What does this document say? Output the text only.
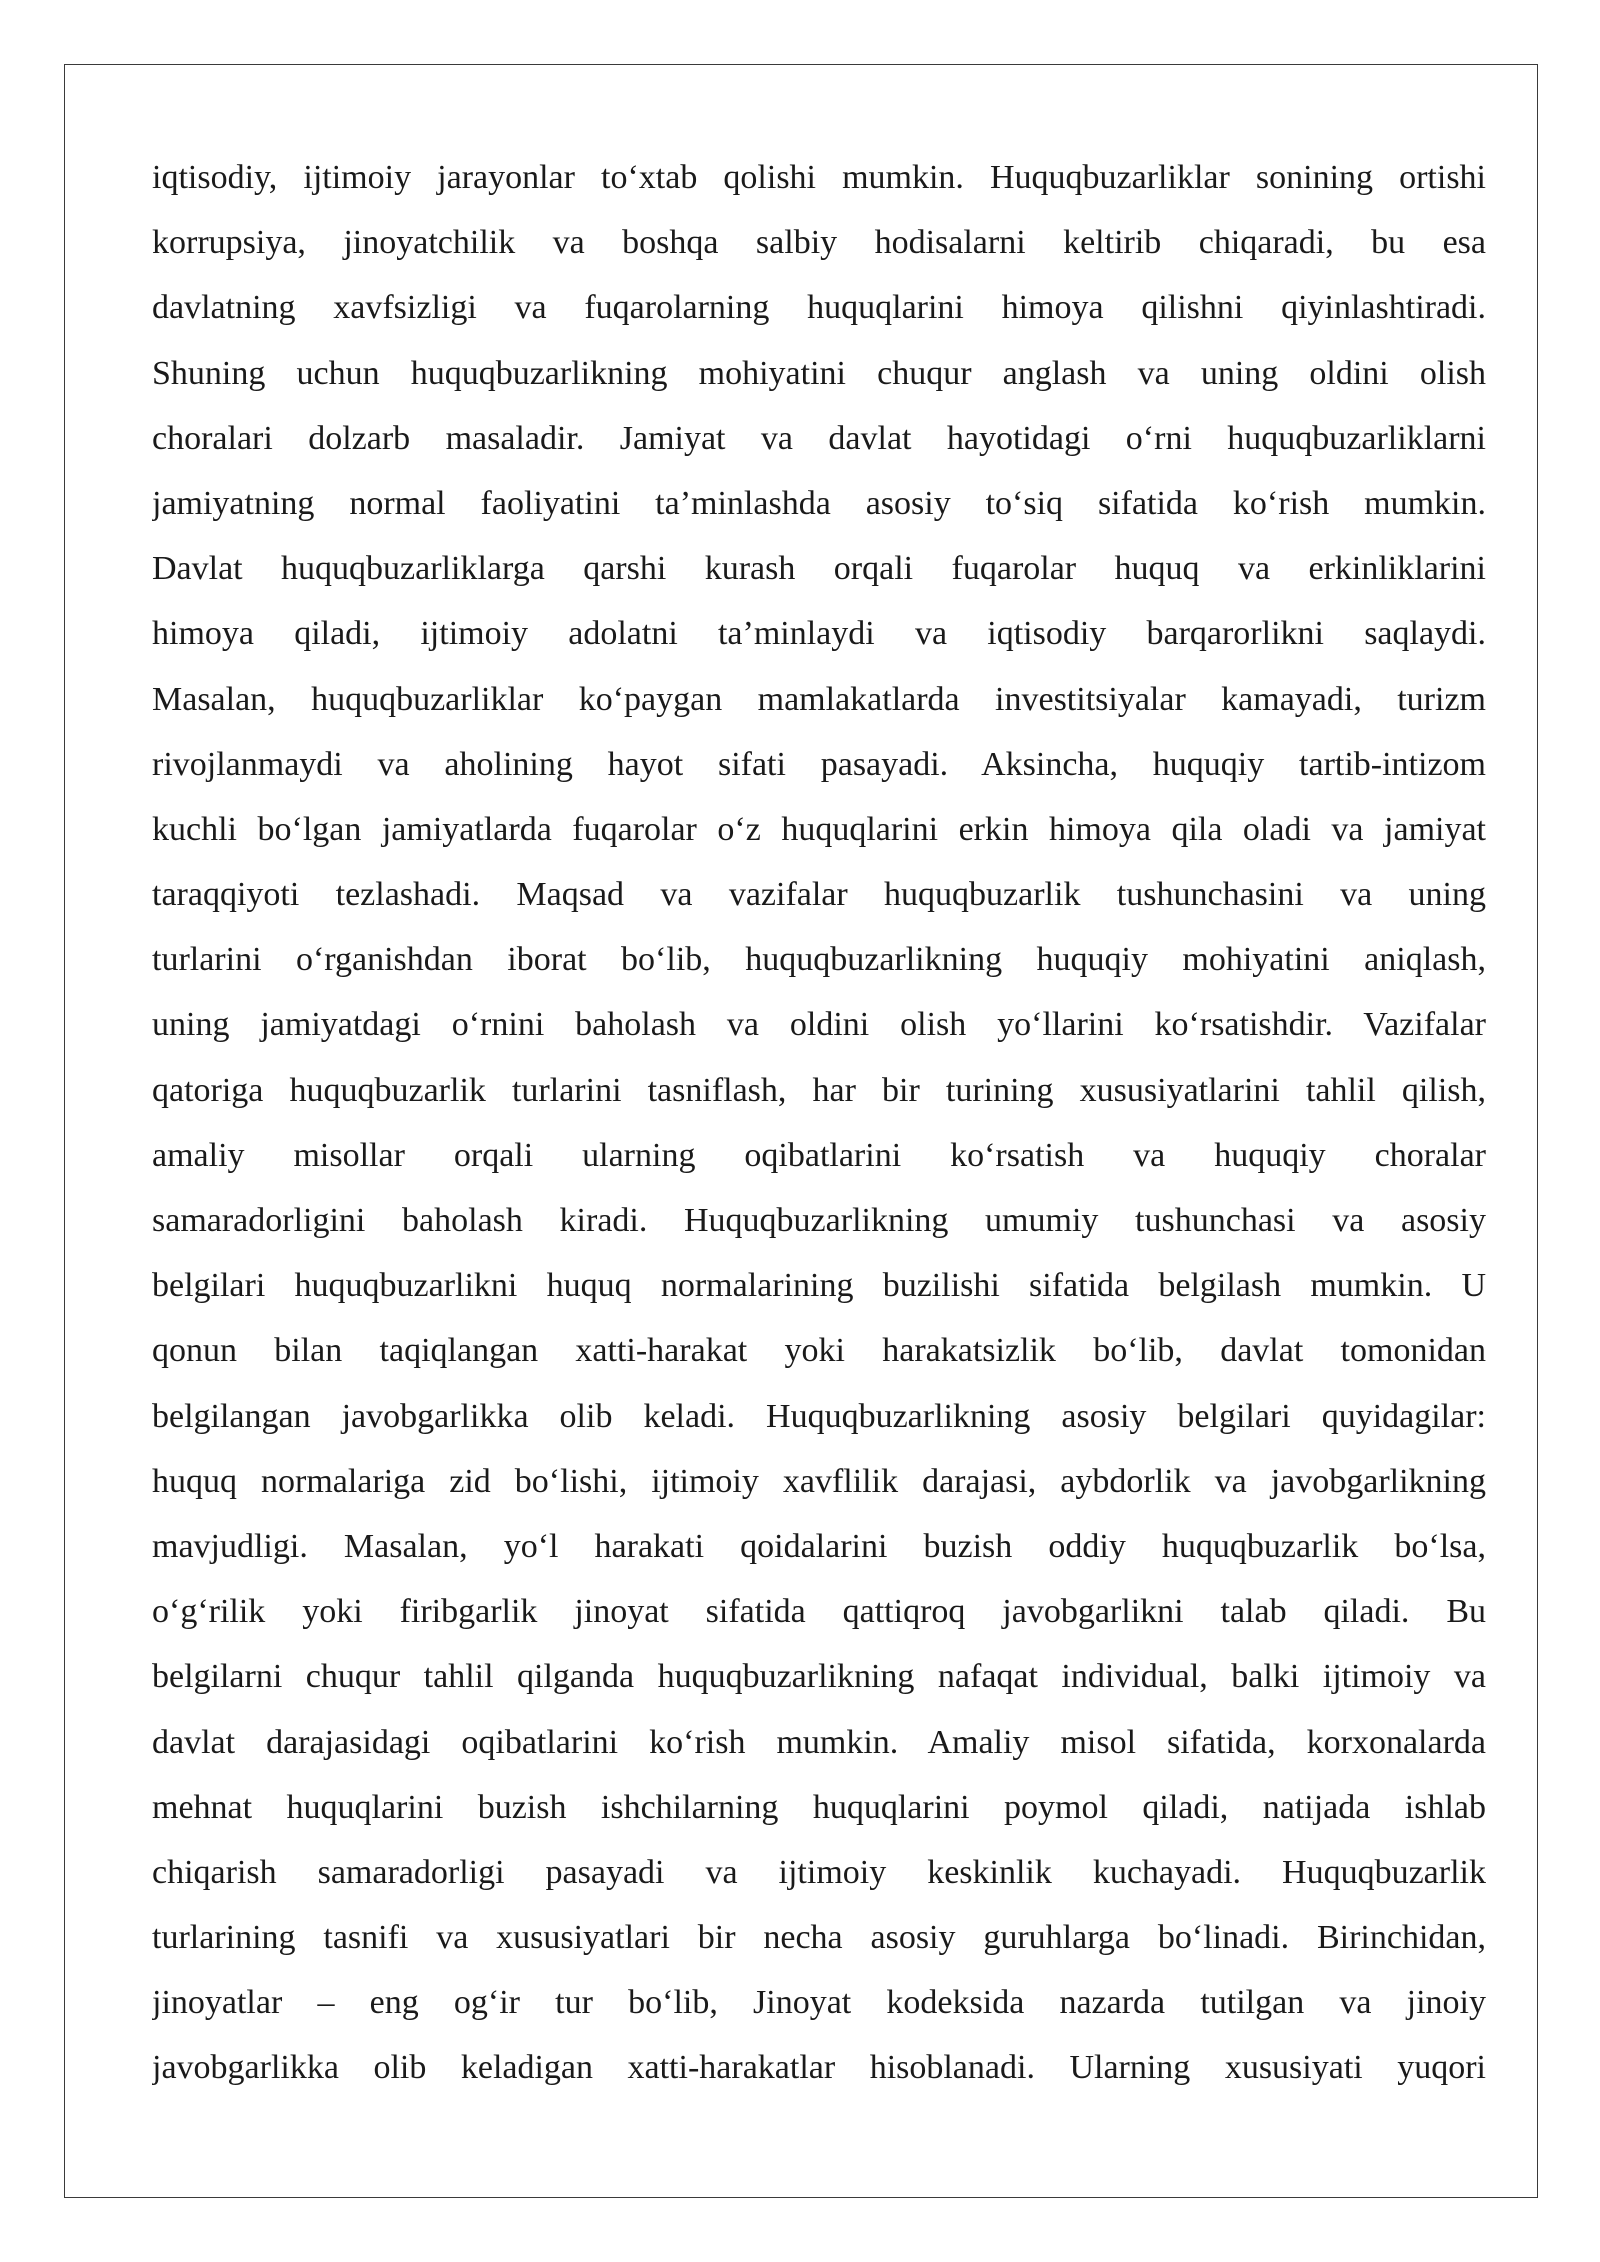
iqtisodiy, ijtimoiy jarayonlar toʻxtab qolishi mumkin. Huquqbuzarliklar sonining ortishi
korrupsiya, jinoyatchilik va boshqa salbiy hodisalarni keltirib chiqaradi, bu esa
davlatning xavfsizligi va fuqarolarning huquqlarini himoya qilishni qiyinlashtiradi.
Shuning uchun huquqbuzarlikning mohiyatini chuqur anglash va uning oldini olish
choralari dolzarb masaladir. Jamiyat va davlat hayotidagi oʻrni huquqbuzarliklarni
jamiyatning normal faoliyatini ta’minlashda asosiy toʻsiq sifatida koʻrish mumkin.
Davlat huquqbuzarliklarga qarshi kurash orqali fuqarolar huquq va erkinliklarini
himoya qiladi, ijtimoiy adolatni ta’minlaydi va iqtisodiy barqarorlikni saqlaydi.
Masalan, huquqbuzarliklar koʻpaygan mamlakatlarda investitsiyalar kamayadi, turizm
rivojlanmaydi va aholining hayot sifati pasayadi. Aksincha, huquqiy tartib-intizom
kuchli boʻlgan jamiyatlarda fuqarolar oʻz huquqlarini erkin himoya qila oladi va jamiyat
taraqqiyoti tezlashadi. Maqsad va vazifalar huquqbuzarlik tushunchasini va uning
turlarini oʻrganishdan iborat boʻlib, huquqbuzarlikning huquqiy mohiyatini aniqlash,
uning jamiyatdagi oʻrnini baholash va oldini olish yoʻllarini koʻrsatishdir. Vazifalar
qatoriga huquqbuzarlik turlarini tasniflash, har bir turining xususiyatlarini tahlil qilish,
amaliy misollar orqali ularning oqibatlarini koʻrsatish va huquqiy choralar
samaradorligini baholash kiradi. Huquqbuzarlikning umumiy tushunchasi va asosiy
belgilari huquqbuzarlikni huquq normalarining buzilishi sifatida belgilash mumkin. U
qonun bilan taqiqlangan xatti-harakat yoki harakatsizlik boʻlib, davlat tomonidan
belgilangan javobgarlikka olib keladi. Huquqbuzarlikning asosiy belgilari quyidagilar:
huquq normalariga zid boʻlishi, ijtimoiy xavflilik darajasi, aybdorlik va javobgarlikning
mavjudligi. Masalan, yoʻl harakati qoidalarini buzish oddiy huquqbuzarlik boʻlsa,
oʻgʻrilik yoki firibgarlik jinoyat sifatida qattiqroq javobgarlikni talab qiladi. Bu
belgilarni chuqur tahlil qilganda huquqbuzarlikning nafaqat individual, balki ijtimoiy va
davlat darajasidagi oqibatlarini koʻrish mumkin. Amaliy misol sifatida, korxonalarda
mehnat huquqlarini buzish ishchilarning huquqlarini poymol qiladi, natijada ishlab
chiqarish samaradorligi pasayadi va ijtimoiy keskinlik kuchayadi. Huquqbuzarlik
turlarining tasnifi va xususiyatlari bir necha asosiy guruhlarga boʻlinadi. Birinchidan,
jinoyatlar – eng ogʻir tur boʻlib, Jinoyat kodeksida nazarda tutilgan va jinoiy
javobgarlikka olib keladigan xatti-harakatlar hisoblanadi. Ularning xususiyati yuqori
